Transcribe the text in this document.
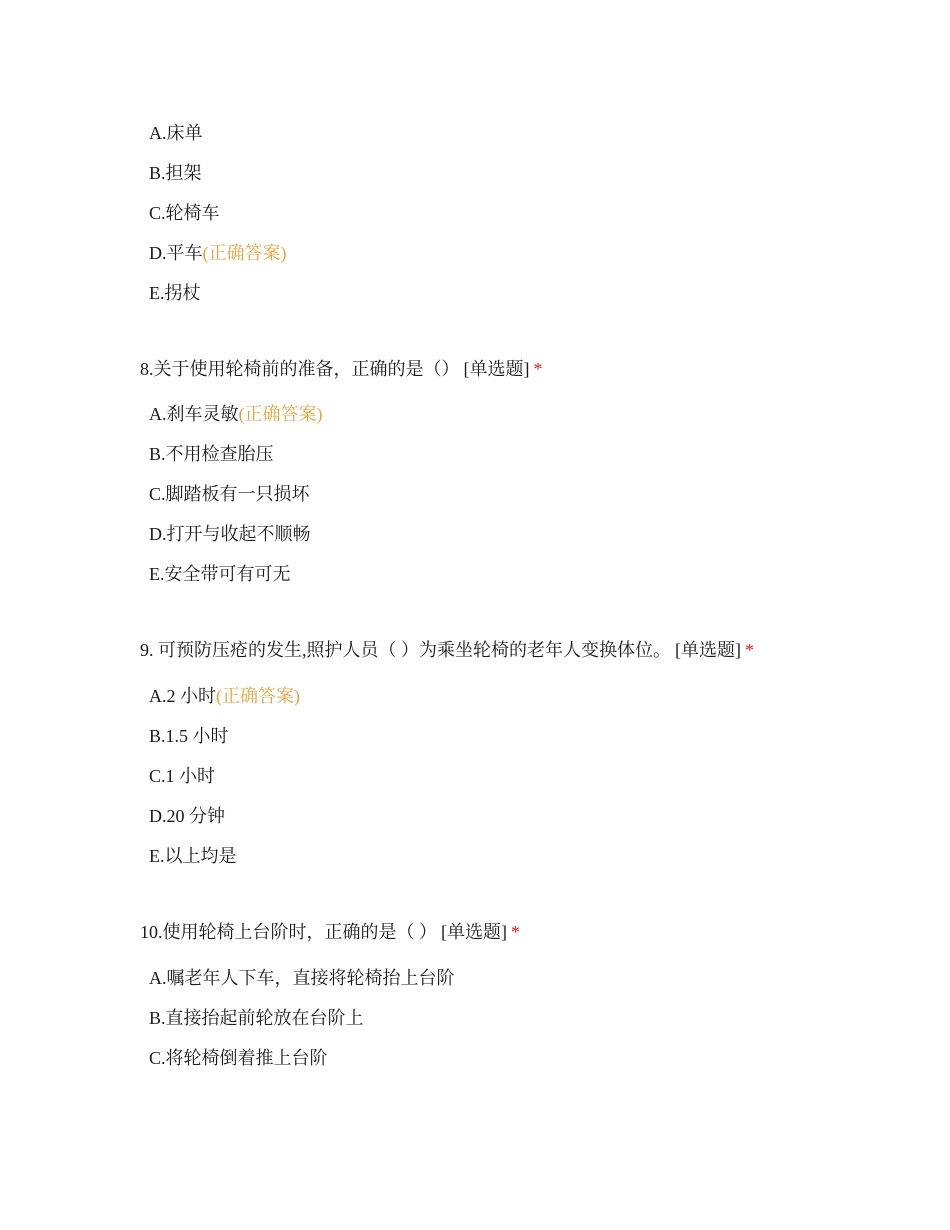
A.床单
B.担架
C.轮椅车
D.平车(正确答案)
E.拐杖
8.关于使用轮椅前的准备，正确的是（） [单选题] *
A.刹车灵敏(正确答案)
B.不用检查胎压
C.脚踏板有一只损坏
D.打开与收起不顺畅
E.安全带可有可无
9. 可预防压疮的发生,照护人员（ ）为乘坐轮椅的老年人变换体位。 [单选题] *
A.2 小时(正确答案)
B.1.5 小时
C.1 小时
D.20 分钟
E.以上均是
10.使用轮椅上台阶时，正确的是（ ） [单选题] *
A.嘱老年人下车，直接将轮椅抬上台阶
B.直接抬起前轮放在台阶上
C.将轮椅倒着推上台阶
